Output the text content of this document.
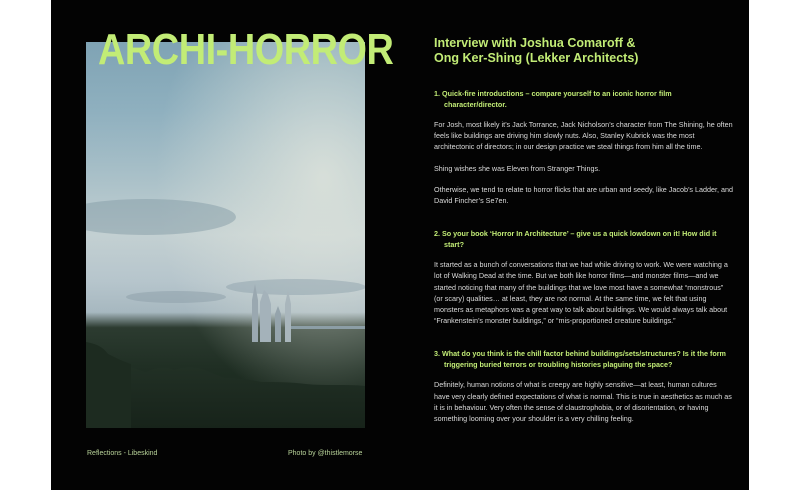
ARCHI-HORROR
Reflections - Libeskind	Photo by @thistlemorse
Interview with Joshua Comaroff &
Ong Ker-Shing (Lekker Architects)

1. Quick-fire introductions – compare yourself to an iconic horror film character/director.

For Josh, most likely it’s Jack Torrance, Jack Nicholson’s character from The Shining, he often feels like buildings are driving him slowly nuts. Also, Stanley Kubrick was the most architectonic of directors; in our design practice we steal things from him all the time.

Shing wishes she was Eleven from Stranger Things.

Otherwise, we tend to relate to horror flicks that are urban and seedy, like Jacob’s Ladder, and David Fincher’s Se7en.

2. So your book ‘Horror In Architecture’ – give us a quick lowdown on it! How did it start?

It started as a bunch of conversations that we had while driving to work. We were watching a lot of Walking Dead at the time. But we both like horror films—and monster films—and we started noticing that many of the buildings that we love most have a somewhat “monstrous” (or scary) qualities… at least, they are not normal. At the same time, we felt that using monsters as metaphors was a great way to talk about buildings. We would always talk about “Frankenstein’s monster buildings,” or “mis-proportioned creature buildings.”

3. What do you think is the chill factor behind buildings/sets/structures? Is it the form triggering buried terrors or troubling histories plaguing the space?

Definitely, human notions of what is creepy are highly sensitive—at least, human cultures have very clearly defined expectations of what is normal. This is true in aesthetics as much as it is in behaviour. Very often the sense of claustrophobia, or of disorientation, or having something looming over your shoulder is a very chilling feeling.
